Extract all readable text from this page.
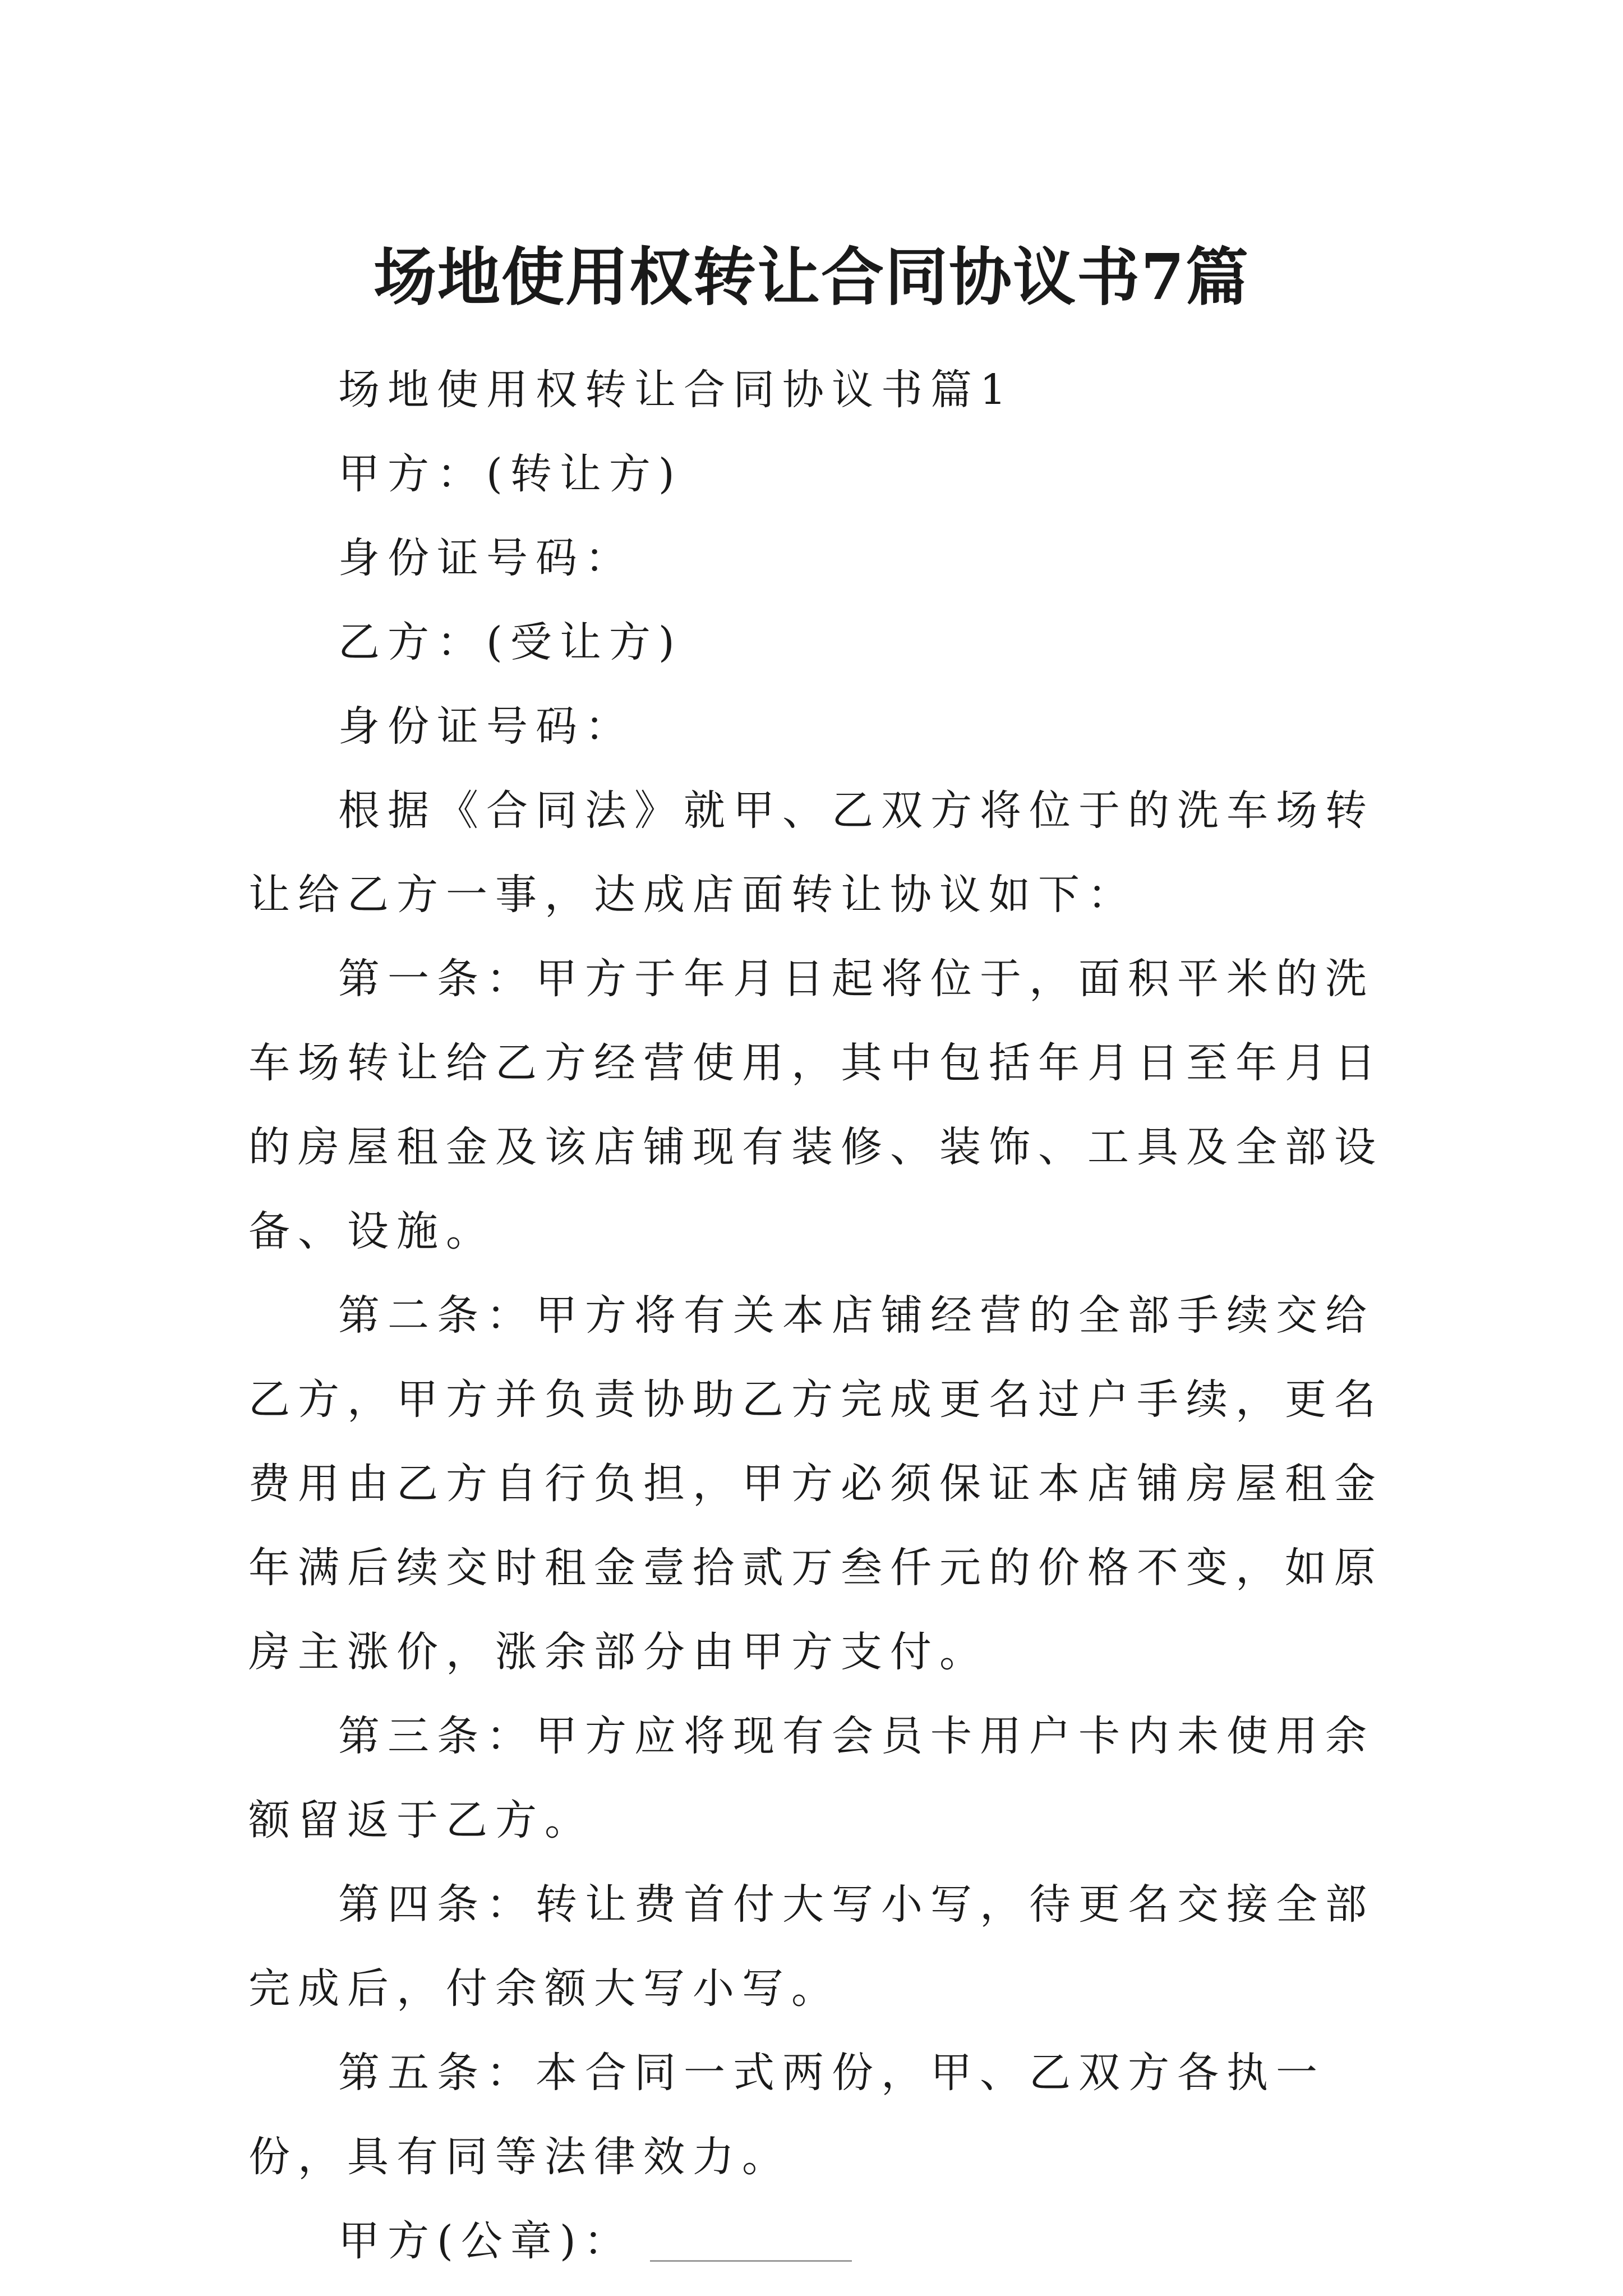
场地使用权转让合同协议书7篇

场地使用权转让合同协议书篇1

甲方：(转让方)

身份证号码：

乙方：(受让方)

身份证号码：

根据《合同法》就甲、乙双方将位于的洗车场转让给乙方一事，达成店面转让协议如下：

第一条：甲方于年月日起将位于，面积平米的洗车场转让给乙方经营使用，其中包括年月日至年月日的房屋租金及该店铺现有装修、装饰、工具及全部设备、设施。

第二条：甲方将有关本店铺经营的全部手续交给乙方，甲方并负责协助乙方完成更名过户手续，更名费用由乙方自行负担，甲方必须保证本店铺房屋租金年满后续交时租金壹拾贰万叁仟元的价格不变，如原房主涨价，涨余部分由甲方支付。

第三条：甲方应将现有会员卡用户卡内未使用余额留返于乙方。

第四条：转让费首付大写小写，待更名交接全部完成后，付余额大写小写。

第五条：本合同一式两份，甲、乙双方各执一份，具有同等法律效力。

甲方(公章)：
